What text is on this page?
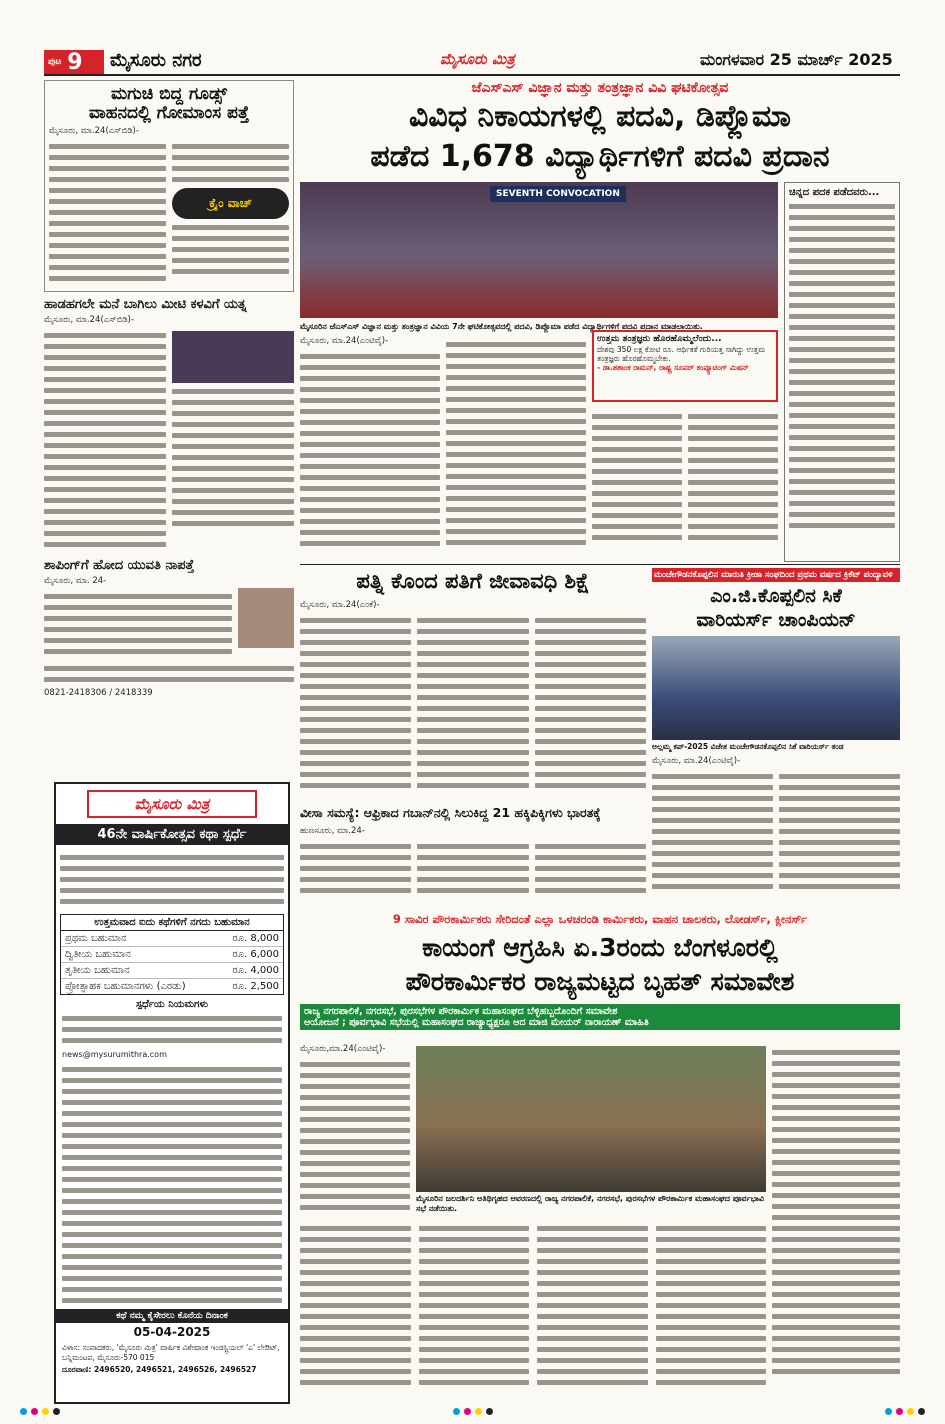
ಪುಟ 9 ಮೈಸೂರು ನಗರ	ಮೈಸೂರು ಮಿತ್ರ	ಮಂಗಳವಾರ 25 ಮಾರ್ಚ್ 2025
ಮಗುಚಿ ಬಿದ್ದ ಗೂಡ್ಸ್
ವಾಹನದಲ್ಲಿ ಗೋಮಾಂಸ ಪತ್ತೆ
ಮೈಸೂರು, ಮಾ.24(ಎಸ್‌ಬಿಡಿ)-
ಕ್ರೈಂ ವಾಚ್
ಹಾಡಹಗಲೇ ಮನೆ ಬಾಗಿಲು ಮೀಟಿ ಕಳವಿಗೆ ಯತ್ನ
ಮೈಸೂರು, ಮಾ.24(ಎಸ್‌ಬಿಡಿ)-
ಶಾಪಿಂಗ್‌ಗೆ ಹೋದ ಯುವತಿ ನಾಪತ್ತೆ
ಮೈಸೂರು, ಮಾ. 24-
0821-2418306 / 2418339
ಜೆಎಸ್‌ಎಸ್ ವಿಜ್ಞಾನ ಮತ್ತು ತಂತ್ರಜ್ಞಾನ ವಿವಿ ಘಟಿಕೋತ್ಸವ
ವಿವಿಧ ನಿಕಾಯಗಳಲ್ಲಿ ಪದವಿ, ಡಿಪ್ಲೊಮಾ
ಪಡೆದ 1,678 ವಿದ್ಯಾರ್ಥಿಗಳಿಗೆ ಪದವಿ ಪ್ರದಾನ
SEVENTH CONVOCATION
ಮೈಸೂರಿನ ಜೆಎಸ್‌ಎಸ್ ವಿಜ್ಞಾನ ಮತ್ತು ತಂತ್ರಜ್ಞಾನ ವಿವಿಯ 7ನೇ ಘಟಿಕೋತ್ಸವದಲ್ಲಿ ಪದವಿ, ಡಿಪ್ಲೊಮಾ ಪಡೆದ ವಿದ್ಯಾರ್ಥಿಗಳಿಗೆ ಪದವಿ ಪ್ರದಾನ ಮಾಡಲಾಯಿತು.
ಚಿನ್ನದ ಪದಕ ಪಡೆದವರು...
ಮೈಸೂರು, ಮಾ.24(ಎಂಟಿವೈ)-	ಉತ್ತಮ ತಂತ್ರಜ್ಞರು ಹೊರಹೊಮ್ಮಲೆಂದು...
ದೇಶವು 350 ಲಕ್ಷ ಕೋಟಿ ರೂ. ಆರ್ಥಿಕತೆ ಗುರಿಯತ್ತ ಸಾಗಿದ್ದು ಉತ್ತಮ ತಂತ್ರಜ್ಞರು ಹೊರಹೊಮ್ಮಬೇಕು.
- ಡಾ.ಶಶಾಂಕ ರಾಮನ್, ರಾಷ್ಟ್ರ ಸೂಪರ್ ಕಂಪ್ಯೂಟಿಂಗ್ ಮಿಷನ್
ಪತ್ನಿ ಕೊಂದ ಪತಿಗೆ ಜೀವಾವಧಿ ಶಿಕ್ಷೆ
ಮೈಸೂರು, ಮಾ.24(ಎಂಕೆ)-
ಮಂಚೇಗೌಡನಕೊಪ್ಪಲಿನ ಮಾರುತಿ ಕ್ರೀಡಾ ಸಂಘದಿಂದ ಪ್ರಥಮ ವರ್ಷದ ಕ್ರಿಕೆಟ್ ಪಂದ್ಯಾವಳಿ
ಎಂ.ಜಿ.ಕೊಪ್ಪಲಿನ ಸಿಕೆ
ವಾರಿಯರ್ಸ್ ಚಾಂಪಿಯನ್
ಅಲ್ಲಮ್ಮ ಕಪ್-2025 ವಿಜೇತ ಮಂಚೇಗೌಡನಕೊಪ್ಪಲಿನ ಸಿಕೆ ವಾರಿಯರ್ಸ್ ತಂಡ
ಮೈಸೂರು, ಮಾ.24(ಎಂಟಿವೈ)-
ವೀಸಾ ಸಮಸ್ಯೆ: ಆಫ್ರಿಕಾದ ಗಬಾನ್‌ನಲ್ಲಿ ಸಿಲುಕಿದ್ದ 21 ಹಕ್ಕಿಪಿಕ್ಕಿಗಳು ಭಾರತಕ್ಕೆ
ಹುಣಸೂರು, ಮಾ.24-
ಮೈಸೂರು ಮಿತ್ರ
46ನೇ ವಾರ್ಷಿಕೋತ್ಸವ ಕಥಾ ಸ್ಪರ್ಧೆ
ಉತ್ತಮವಾದ ಐದು ಕಥೆಗಳಿಗೆ ನಗದು ಬಹುಮಾನ
ಪ್ರಥಮ ಬಹುಮಾನ	ರೂ. 8,000
ದ್ವಿತೀಯ ಬಹುಮಾನ	ರೂ. 6,000
ತೃತೀಯ ಬಹುಮಾನ	ರೂ. 4,000
ಪ್ರೋತ್ಸಾಹಕ ಬಹುಮಾನಗಳು (ಎರಡು)	ರೂ. 2,500
ಸ್ಪರ್ಧೆಯ ನಿಯಮಗಳು
news@mysurumithra.com
ಕಥೆ ನಮ್ಮ ಕೈಸೇರಲು ಕೊನೆಯ ದಿನಾಂಕ
05-04-2025
ವಿಳಾಸ: ಸಂಪಾದಕರು, 'ಮೈಸೂರು ಮಿತ್ರ' ವಾರ್ಷಿಕ ವಿಶೇಷಾಂಕ ಇಂಡಸ್ಟ್ರಿಯಲ್ 'ಎ' ಲೇಔಟ್, ಬನ್ನಿಮಂಟಪ, ಮೈಸೂರು-570 015
ದೂರವಾಣಿ: 2496520, 2496521, 2496526, 2496527
9 ಸಾವಿರ ಪೌರಕಾರ್ಮಿಕರು ಸೇರಿದಂತೆ ಎಲ್ಲಾ ಒಳಚರಂಡಿ ಕಾರ್ಮಿಕರು, ವಾಹನ ಚಾಲಕರು, ಲೋಡರ್ಸ್, ಕ್ಲೀನರ್ಸ್
ಕಾಯಂಗೆ ಆಗ್ರಹಿಸಿ ಏ.3ರಂದು ಬೆಂಗಳೂರಲ್ಲಿ
ಪೌರಕಾರ್ಮಿಕರ ರಾಜ್ಯಮಟ್ಟದ ಬೃಹತ್ ಸಮಾವೇಶ
ರಾಜ್ಯ ನಗರಪಾಲಿಕೆ, ನಗರಸಭೆ, ಪುರಸಭೆಗಳ ಪೌರಕಾರ್ಮಿಕ ಮಹಾಸಂಘದ ಬೆಳ್ಳಿಹಬ್ಬದೊಂದಿಗೆ ಸಮಾವೇಶ
ಆಯೋಜನೆ ; ಪೂರ್ವಭಾವಿ ಸಭೆಯಲ್ಲಿ ಮಹಾಸಂಘದ ರಾಜ್ಯಾಧ್ಯಕ್ಷರೂ ಆದ ಮಾಜಿ ಮೇಯರ್ ನಾರಾಯಣ್ ಮಾಹಿತಿ
ಮೈಸೂರು,ಮಾ.24(ಎಂಟಿವೈ)-
ಮೈಸೂರಿನ ಜಲದರ್ಶಿನಿ ಅತಿಥಿಗೃಹದ ಆವರಣದಲ್ಲಿ ರಾಜ್ಯ ನಗರಪಾಲಿಕೆ, ನಗರಸಭೆ, ಪುರಸಭೆಗಳ ಪೌರಕಾರ್ಮಿಕ ಮಹಾಸಂಘದ ಪೂರ್ವಭಾವಿ ಸಭೆ ನಡೆಯಿತು.
